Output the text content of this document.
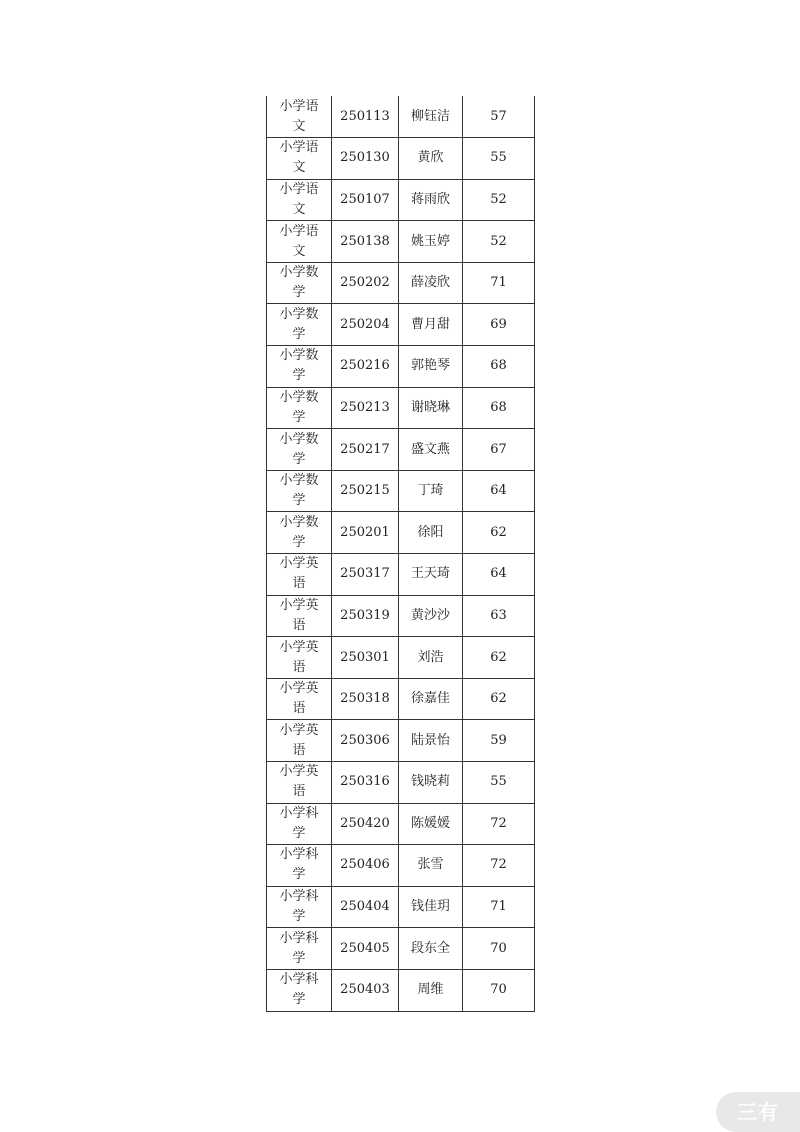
小学语文	250113	柳钰洁	57
小学语文	250130	黄欣	55
小学语文	250107	蒋雨欣	52
小学语文	250138	姚玉婷	52
小学数学	250202	薛凌欣	71
小学数学	250204	曹月甜	69
小学数学	250216	郭艳琴	68
小学数学	250213	谢晓琳	68
小学数学	250217	盛文燕	67
小学数学	250215	丁琦	64
小学数学	250201	徐阳	62
小学英语	250317	王天琦	64
小学英语	250319	黄沙沙	63
小学英语	250301	刘浩	62
小学英语	250318	徐嘉佳	62
小学英语	250306	陆景怡	59
小学英语	250316	钱晓莉	55
小学科学	250420	陈媛媛	72
小学科学	250406	张雪	72
小学科学	250404	钱佳玥	71
小学科学	250405	段东全	70
小学科学	250403	周维	70
三有
